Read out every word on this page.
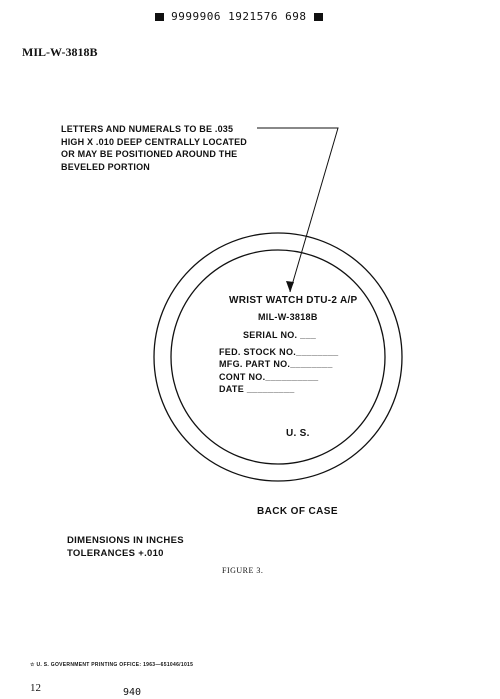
9999906 1921576 698
MIL-W-3818B
LETTERS AND NUMERALS TO BE .035
HIGH X .010 DEEP CENTRALLY LOCATED
OR MAY BE POSITIONED AROUND THE
BEVELED PORTION
WRIST WATCH DTU-2 A/P
MIL-W-3818B
SERIAL NO. ___
FED. STOCK NO.________
MFG. PART NO.________
CONT NO.__________
DATE _________
U. S.
BACK OF CASE
DIMENSIONS IN INCHES
TOLERANCES +.010
FIGURE 3.
☆ U. S. GOVERNMENT PRINTING OFFICE: 1963—651046/1015
12	940
